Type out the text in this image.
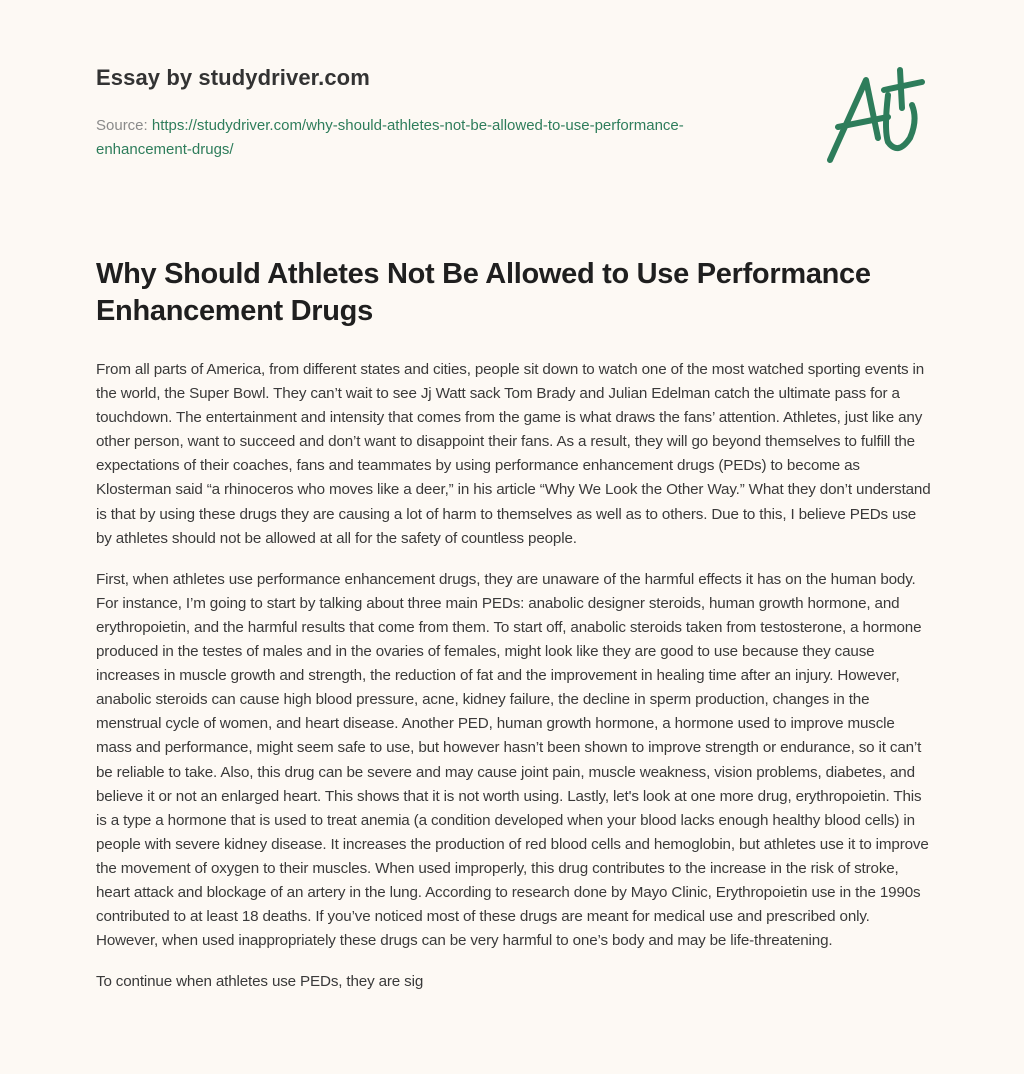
Essay by studydriver.com
Source: https://studydriver.com/why-should-athletes-not-be-allowed-to-use-performance-enhancement-drugs/
Why Should Athletes Not Be Allowed to Use Performance Enhancement Drugs

From all parts of America, from different states and cities, people sit down to watch one of the most watched sporting events in the world, the Super Bowl. They can’t wait to see Jj Watt sack Tom Brady and Julian Edelman catch the ultimate pass for a touchdown. The entertainment and intensity that comes from the game is what draws the fans’ attention. Athletes, just like any other person, want to succeed and don’t want to disappoint their fans. As a result, they will go beyond themselves to fulfill the expectations of their coaches, fans and teammates by using performance enhancement drugs (PEDs) to become as Klosterman said “a rhinoceros who moves like a deer,” in his article “Why We Look the Other Way.” What they don’t understand is that by using these drugs they are causing a lot of harm to themselves as well as to others. Due to this, I believe PEDs use by athletes should not be allowed at all for the safety of countless people.

First, when athletes use performance enhancement drugs, they are unaware of the harmful effects it has on the human body. For instance, I’m going to start by talking about three main PEDs: anabolic designer steroids, human growth hormone, and erythropoietin, and the harmful results that come from them. To start off, anabolic steroids taken from testosterone, a hormone produced in the testes of males and in the ovaries of females, might look like they are good to use because they cause increases in muscle growth and strength, the reduction of fat and the improvement in healing time after an injury. However, anabolic steroids can cause high blood pressure, acne, kidney failure, the decline in sperm production, changes in the menstrual cycle of women, and heart disease. Another PED, human growth hormone, a hormone used to improve muscle mass and performance, might seem safe to use, but however hasn’t been shown to improve strength or endurance, so it can’t be reliable to take. Also, this drug can be severe and may cause joint pain, muscle weakness, vision problems, diabetes, and believe it or not an enlarged heart. This shows that it is not worth using. Lastly, let's look at one more drug, erythropoietin. This is a type a hormone that is used to treat anemia (a condition developed when your blood lacks enough healthy blood cells) in people with severe kidney disease. It increases the production of red blood cells and hemoglobin, but athletes use it to improve the movement of oxygen to their muscles. When used improperly, this drug contributes to the increase in the risk of stroke, heart attack and blockage of an artery in the lung. According to research done by Mayo Clinic, Erythropoietin use in the 1990s contributed to at least 18 deaths. If you’ve noticed most of these drugs are meant for medical use and prescribed only. However, when used inappropriately these drugs can be very harmful to one’s body and may be life-threatening.

To continue when athletes use PEDs, they are sig
